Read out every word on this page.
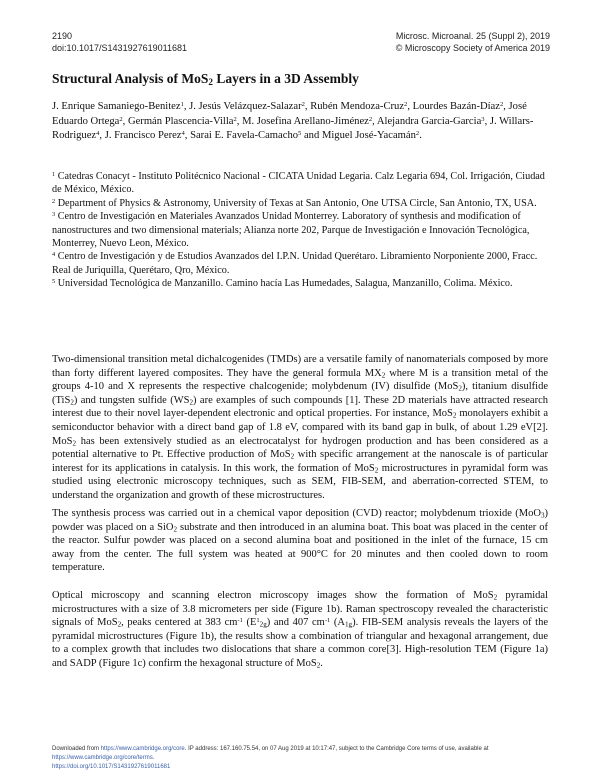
2190
doi:10.1017/S1431927619011681
Microsc. Microanal. 25 (Suppl 2), 2019
© Microscopy Society of America 2019
Structural Analysis of MoS$_2$ Layers in a 3D Assembly
J. Enrique Samaniego-Benitez$^1$, J. Jesús Velázquez-Salazar$^2$, Rubén Mendoza-Cruz$^2$, Lourdes Bazán-Díaz$^2$, José Eduardo Ortega$^2$, Germán Plascencia-Villa$^2$, M. Josefina Arellano-Jiménez$^2$, Alejandra Garcia-Garcia$^3$, J. Willars-Rodriguez$^4$, J. Francisco Perez$^4$, Sarai E. Favela-Camacho$^5$ and Miguel José-Yacamán$^2$.

$^1$ Catedras Conacyt - Instituto Politécnico Nacional - CICATA Unidad Legaria. Calz Legaria 694, Col. Irrigación, Ciudad de México, México.

$^2$ Department of Physics & Astronomy, University of Texas at San Antonio, One UTSA Circle, San Antonio, TX, USA.

$^3$ Centro de Investigación en Materiales Avanzados Unidad Monterrey. Laboratory of synthesis and modification of nanostructures and two dimensional materials; Alianza norte 202, Parque de Investigación e Innovación Tecnológica, Monterrey, Nuevo Leon, México.

$^4$ Centro de Investigación y de Estudios Avanzados del I.P.N. Unidad Querétaro. Libramiento Norponiente 2000, Fracc. Real de Juriquilla, Querétaro, Qro, México.

$^5$ Universidad Tecnológica de Manzanillo. Camino hacía Las Humedades, Salagua, Manzanillo, Colima. México.

Two-dimensional transition metal dichalcogenides (TMDs) are a versatile family of nanomaterials composed by more than forty different layered composites. They have the general formula $MX_2$ where M is a transition metal of the groups 4-10 and X represents the respective chalcogenide; molybdenum (IV) disulfide (MoS$_2$), titanium disulfide (TiS$_2$) and tungsten sulfide $(WS_2)$ are examples of such compounds [1]. These 2D materials have attracted research interest due to their novel layer-dependent electronic and optical properties. For instance, MoS$_2$ monolayers exhibit a semiconductor behavior with a direct band gap of 1.8 eV, compared with its band gap in bulk, of about 1.29 eV[2]. MoS$_2$ has been extensively studied as an electrocatalyst for hydrogen production and has been considered as a potential alternative to Pt. Effective production of MoS$_2$ with specific arrangement at the nanoscale is of particular interest for its applications in catalysis. In this work, the formation of MoS$_2$ microstructures in pyramidal form was studied using electronic microscopy techniques, such as SEM, FIB-SEM, and aberration-corrected STEM, to understand the organization and growth of these microstructures.

The synthesis process was carried out in a chemical vapor deposition (CVD) reactor; molybdenum trioxide (MoO$_3$) powder was placed on a SiO$_2$ substrate and then introduced in an alumina boat. This boat was placed in the center of the reactor. Sulfur powder was placed on a second alumina boat and positioned in the inlet of the furnace, 15 cm away from the center. The full system was heated at 900°C for 20 minutes and then cooled down to room temperature.

Optical microscopy and scanning electron microscopy images show the formation of MoS$_2$ pyramidal microstructures with a size of 3.8 micrometers per side (Figure 1b). Raman spectroscopy revealed the characteristic signals of MoS$_2$, peaks centered at 383 $cm^{-1}$ $(E^1_{2g})$ and 407 $cm^{-1}$ $(A_{1g})$. FIB-SEM analysis reveals the layers of the pyramidal microstructures (Figure 1b), the results show a combination of triangular and hexagonal arrangement, due to a complex growth that includes two dislocations that share a common core[3]. High-resolution TEM (Figure 1a) and SADP (Figure 1c) confirm the hexagonal structure of MoS$_2$.

Downloaded from https://www.cambridge.org/core. IP address: 167.160.75.54, on 07 Aug 2019 at 10:17:47, subject to the Cambridge Core terms of use, available at https://www.cambridge.org/core/terms.
https://doi.org/10.1017/S1431927619011681
